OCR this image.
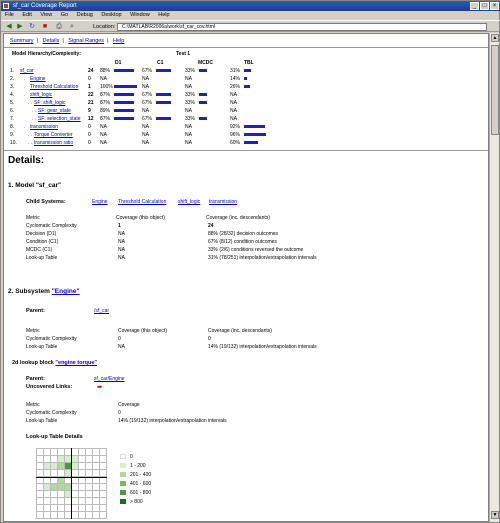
sf_car Coverage Report	_	□	×
File Edit View Go Debug Desktop Window Help
◀ ▶ ↻ ■ ⎙ ⌕	Location:	C:\MATLAB\R2006a\work\sf_car_cov.html
Summary | Details | Signal Ranges | Help
Model Hierarchy/Complexity:	Test 1
D1	C1	MCDC	TBL
1. sf_car	24 88%	67%	33%	31%
2. . Engine	0 NA	NA	NA	14%
3. . Threshold Calculation 1 100%	NA	NA	26%
4. . shift_logic	22 87%	67%	33%	NA
5.	. . SF: shift_logic	21 87%	67%	33%	NA
6.	. . . SF: gear_state	9 89%	NA	NA	NA
7.	. . . SF: selection_state 12 87%	67%	33%	NA
8. . transmission	0 NA	NA	NA	92%
9.	. . Torque Converter	0 NA	NA	NA	96%
10. . . transmission ratio	0 NA	NA	NA	60%
Details:
1. Model "sf_car"
Child Systems:	Engine Threshold Calculation shift_logic transmission
Metric	Coverage (this object)	Coverage (inc. descendants)
Cyclomatic Complexity	1	24
Decision (D1)	NA	88% (28/32) decision outcomes
Condition (C1)	NA	67% (8/12) condition outcomes
MCDC (C1)	NA	33% (2/6) conditions reversed the outcome
Look-up Table	NA	31% (78/251) interpolation/extrapolation intervals
2. Subsystem "Engine"
Parent:	/sf_car
Metric	Coverage (this object)	Coverage (inc. descendants)
Cyclomatic Complexity	0	0
Look-up Table	NA	14% (19/132) interpolation/extrapolation intervals
2d lookup block "engine torque"
Parent:	sf_car/Engine
Uncovered Links:	➨
Metric	Coverage
Cyclomatic Complexity	0
Look-up Table	14% (19/132) interpolation/extrapolation intervals
Look-up Table Details
0
1 - 200
201 - 400
401 - 600
601 - 800
> 800
▲
▼
